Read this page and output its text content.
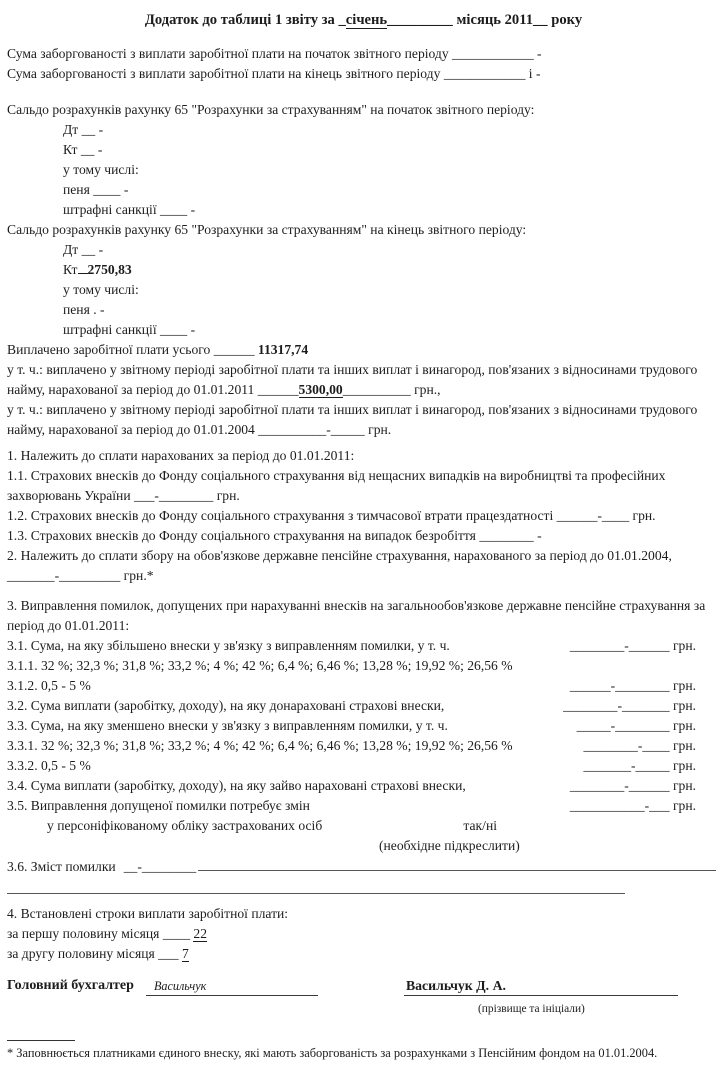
Додаток до таблиці 1 звіту за _січень_________ місяць 2011__ року

Сума заборгованості з виплати заробітної плати на початок звітного періоду ____________ -

Сума заборгованості з виплати заробітної плати на кінець звітного періоду ____________ і -

Сальдо розрахунків рахунку 65 "Розрахунки за страхуванням" на початок звітного періоду:

Дт __ -

Кт __ -

у тому числі:

пеня ____ -

штрафні санкції ____ -

Сальдо розрахунків рахунку 65 "Розрахунки за страхуванням" на кінець звітного періоду:

Дт __ -

Кт 2750,83

у тому числі:

пеня . -

штрафні санкції ____ -

Виплачено заробітної плати усього ______ 11317,74

у т. ч.: виплачено у звітному періоді заробітної плати та інших виплат і винагород, пов'язаних з відносинами трудового найму, нарахованої за період до 01.01.2011 ______5300,00__________ грн.,

у т. ч.: виплачено у звітному періоді заробітної плати та інших виплат і винагород, пов'язаних з відносинами трудового найму, нарахованої за період до 01.01.2004 __________-_____ грн.

1. Належить до сплати нарахованих за період до 01.01.2011:

1.1. Страхових внесків до Фонду соціального страхування від нещасних випадків на виробництві та професійних захворювань України ___-________ грн.

1.2. Страхових внесків до Фонду соціального страхування з тимчасової втрати працездатності ______-____ грн.

1.3. Страхових внесків до Фонду соціального страхування на випадок безробіття ________ -

2. Належить до сплати збору на обов'язкове державне пенсійне страхування, нарахованого за період до 01.01.2004, _______-_________ грн.*

3. Виправлення помилок, допущених при нарахуванні внесків на загальнообов'язкове державне пенсійне страхування за період до 01.01.2011:

3.1. Сума, на яку збільшено внески у зв'язку з виправленням помилки, у т. ч.	________-______ грн.
3.1.1. 32 %; 32,3 %; 31,8 %; 33,2 %; 4 %; 42 %; 6,4 %; 6,46 %; 13,28 %; 19,92 %; 26,56 %
3.1.2. 0,5 - 5 %	______-________ грн.
3.2. Сума виплати (заробітку, доходу), на яку донараховані страхові внески,	________-_______ грн.
3.3. Сума, на яку зменшено внески у зв'язку з виправленням помилки, у т. ч.	_____-________ грн.
3.3.1. 32 %; 32,3 %; 31,8 %; 33,2 %; 4 %; 42 %; 6,4 %; 6,46 %; 13,28 %; 19,92 %; 26,56 %	________-____ грн.
3.3.2. 0,5 - 5 %	_______-_____ грн.
3.4. Сума виплати (заробітку, доходу), на яку зайво нараховані страхові внески,	________-______ грн.
3.5. Виправлення допущеної помилки потребує змін	___________-___ грн.
у персоніфікованому обліку застрахованих осіб	так/ні

(необхідне підкреслити)

3.6. Зміст помилки __-________

4. Встановлені строки виплати заробітної плати:

за першу половину місяця ____ 22

за другу половину місяця ___ 7

Головний бухгалтер	Васильчук	Васильчук Д. А.

(прізвище та ініціали)

* Заповнюється платниками єдиного внеску, які мають заборгованість за розрахунками з Пенсійним фондом на 01.01.2004.
